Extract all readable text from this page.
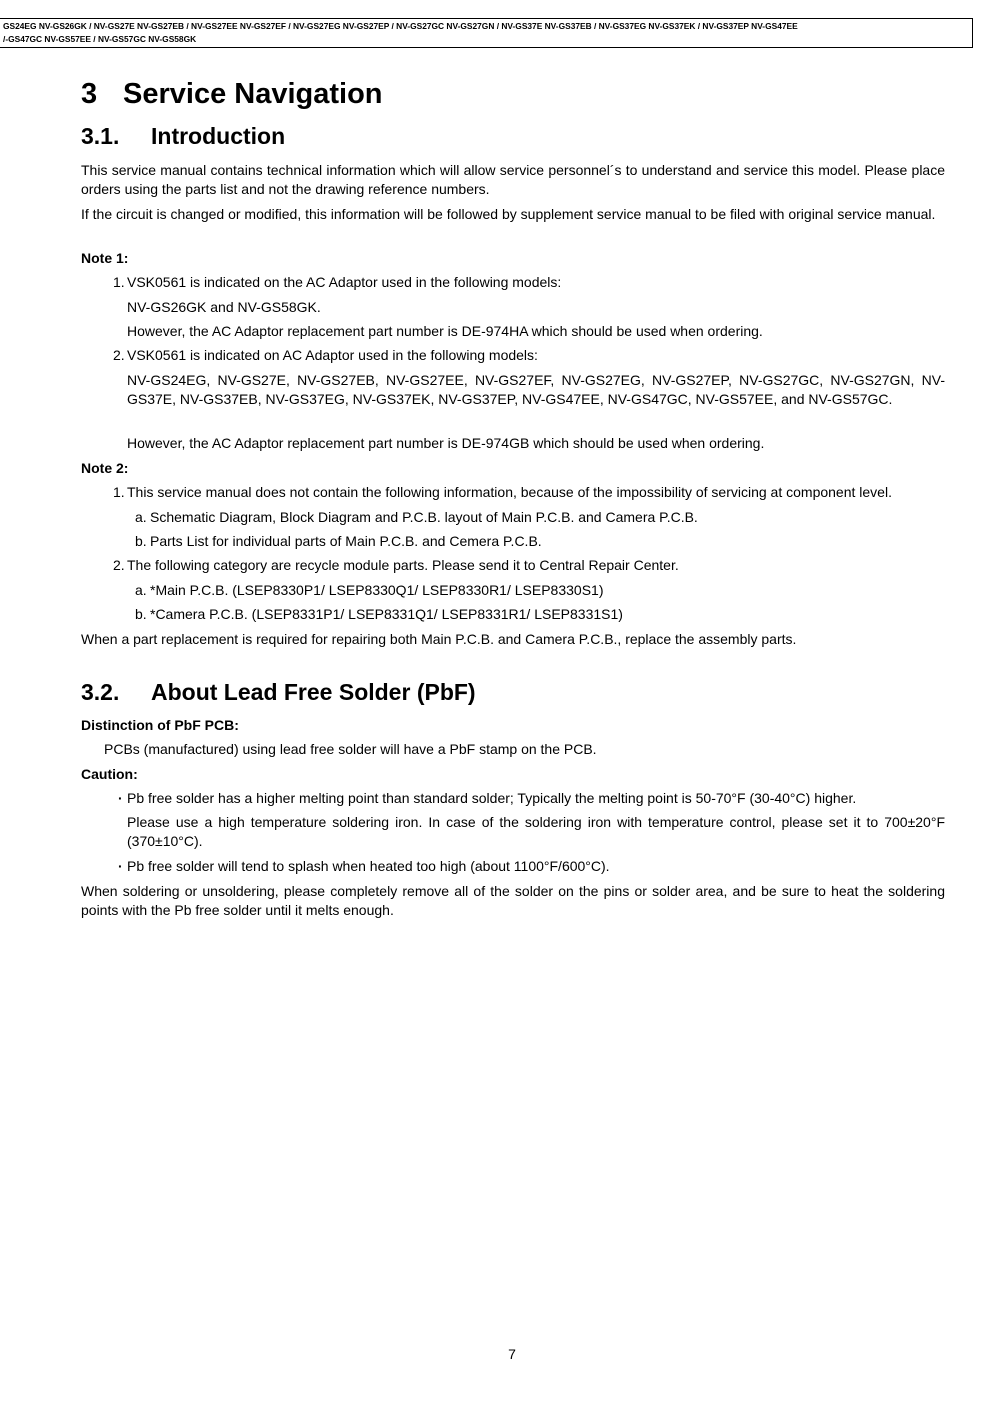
GS24EG NV-GS26GK / NV-GS27E NV-GS27EB / NV-GS27EE NV-GS27EF / NV-GS27EG NV-GS27EP / NV-GS27GC NV-GS27GN / NV-GS37E NV-GS37EB / NV-GS37EG NV-GS37EK / NV-GS37EP NV-GS47EE
/-GS47GC NV-GS57EE / NV-GS57GC NV-GS58GK
3 Service Navigation
3.1. Introduction
This service manual contains technical information which will allow service personnel´s to understand and service this model. Please place orders using the parts list and not the drawing reference numbers.
If the circuit is changed or modified, this information will be followed by supplement service manual to be filed with original service manual.
Note 1:
1. VSK0561 is indicated on the AC Adaptor used in the following models:
NV-GS26GK and NV-GS58GK.
However, the AC Adaptor replacement part number is DE-974HA which should be used when ordering.
2. VSK0561 is indicated on AC Adaptor used in the following models:
NV-GS24EG, NV-GS27E, NV-GS27EB, NV-GS27EE, NV-GS27EF, NV-GS27EG, NV-GS27EP, NV-GS27GC, NV-GS27GN, NV-GS37E, NV-GS37EB, NV-GS37EG, NV-GS37EK, NV-GS37EP, NV-GS47EE, NV-GS47GC, NV-GS57EE, and NV-GS57GC.
However, the AC Adaptor replacement part number is DE-974GB which should be used when ordering.
Note 2:
1. This service manual does not contain the following information, because of the impossibility of servicing at component level.
a. Schematic Diagram, Block Diagram and P.C.B. layout of Main P.C.B. and Camera P.C.B.
b. Parts List for individual parts of Main P.C.B. and Cemera P.C.B.
2. The following category are recycle module parts. Please send it to Central Repair Center.
a. *Main P.C.B. (LSEP8330P1/ LSEP8330Q1/ LSEP8330R1/ LSEP8330S1)
b. *Camera P.C.B. (LSEP8331P1/ LSEP8331Q1/ LSEP8331R1/ LSEP8331S1)
When a part replacement is required for repairing both Main P.C.B. and Camera P.C.B., replace the assembly parts.
3.2. About Lead Free Solder (PbF)
Distinction of PbF PCB:
PCBs (manufactured) using lead free solder will have a PbF stamp on the PCB.
Caution:
· Pb free solder has a higher melting point than standard solder; Typically the melting point is 50-70°F (30-40°C) higher.
Please use a high temperature soldering iron. In case of the soldering iron with temperature control, please set it to 700±20°F (370±10°C).
· Pb free solder will tend to splash when heated too high (about 1100°F/600°C).
When soldering or unsoldering, please completely remove all of the solder on the pins or solder area, and be sure to heat the soldering points with the Pb free solder until it melts enough.
7
